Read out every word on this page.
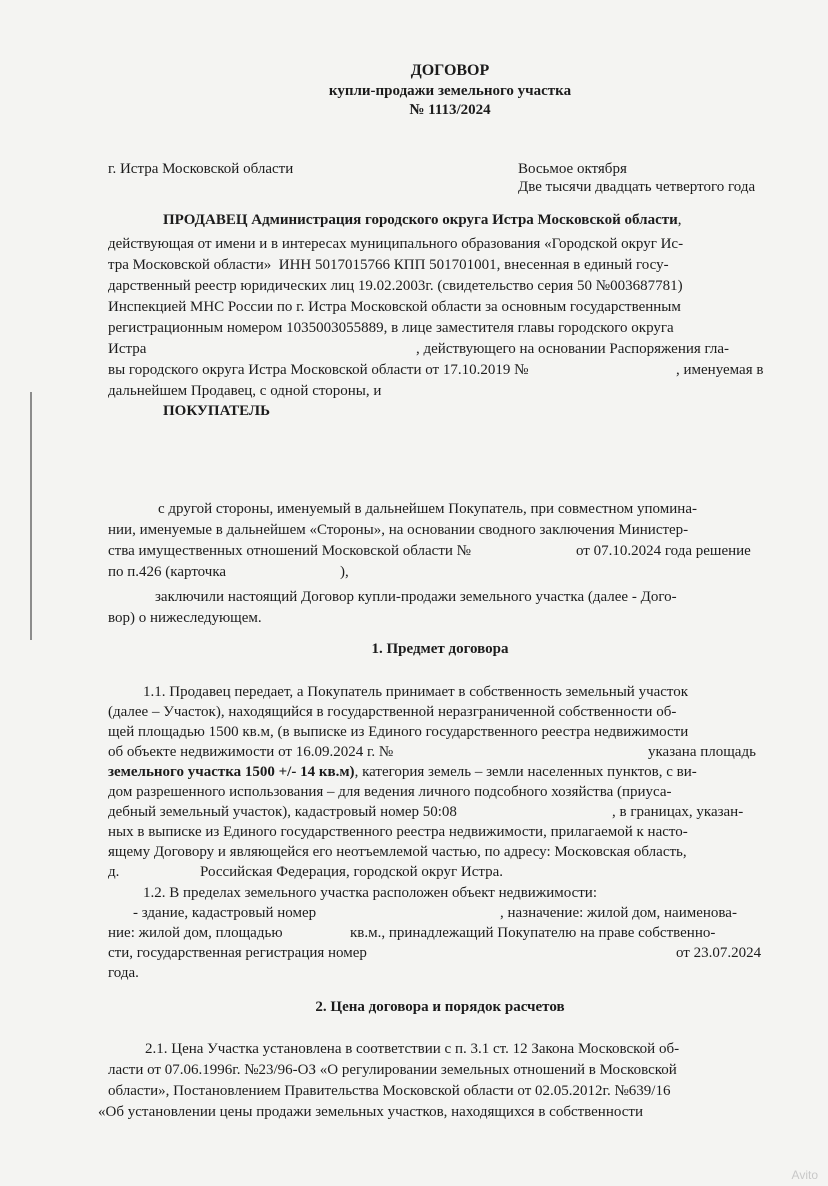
ДОГОВОР
купли-продажи земельного участка
№ 1113/2024
г. Истра Московской области	Восьмое октября
Две тысячи двадцать четвертого года
ПРОДАВЕЦ Администрация городского округа Истра Московской области,
действующая от имени и в интересах муниципального образования «Городской округ Ис-
тра Московской области»  ИНН 5017015766 КПП 501701001, внесенная в единый госу-
дарственный реестр юридических лиц 19.02.2003г. (свидетельство серия 50 №003687781)
Инспекцией МНС России по г. Истра Московской области за основным государственным
регистрационным номером 1035003055889, в лице заместителя главы городского округа
Истра	, действующего на основании Распоряжения гла-
вы городского округа Истра Московской области от 17.10.2019 №	, именуемая в
дальнейшем Продавец, с одной стороны, и
ПОКУПАТЕЛЬ
с другой стороны, именуемый в дальнейшем Покупатель, при совместном упомина-
нии, именуемые в дальнейшем «Стороны», на основании сводного заключения Министер-
ства имущественных отношений Московской области №	от 07.10.2024 года решение
по п.426 (карточка	),
заключили настоящий Договор купли-продажи земельного участка (далее - Дого-
вор) о нижеследующем.
1. Предмет договора
1.1. Продавец передает, а Покупатель принимает в собственность земельный участок
(далее – Участок), находящийся в государственной неразграниченной собственности об-
щей площадью 1500 кв.м, (в выписке из Единого государственного реестра недвижимости
об объекте недвижимости от 16.09.2024 г. №	указана площадь
земельного участка 1500 +/- 14 кв.м), категория земель – земли населенных пунктов, с ви-
дом разрешенного использования – для ведения личного подсобного хозяйства (приуса-
дебный земельный участок), кадастровый номер 50:08	, в границах, указан-
ных в выписке из Единого государственного реестра недвижимости, прилагаемой к насто-
ящему Договору и являющейся его неотъемлемой частью, по адресу: Московская область,
д.	Российская Федерация, городской округ Истра.
1.2. В пределах земельного участка расположен объект недвижимости:
- здание, кадастровый номер	, назначение: жилой дом, наименова-
ние: жилой дом, площадью	кв.м., принадлежащий Покупателю на праве собственно-
сти, государственная регистрация номер	от 23.07.2024
года.
2. Цена договора и порядок расчетов
2.1. Цена Участка установлена в соответствии с п. 3.1 ст. 12 Закона Московской об-
ласти от 07.06.1996г. №23/96-ОЗ «О регулировании земельных отношений в Московской
области», Постановлением Правительства Московской области от 02.05.2012г. №639/16
«Об установлении цены продажи земельных участков, находящихся в собственности
Avito
